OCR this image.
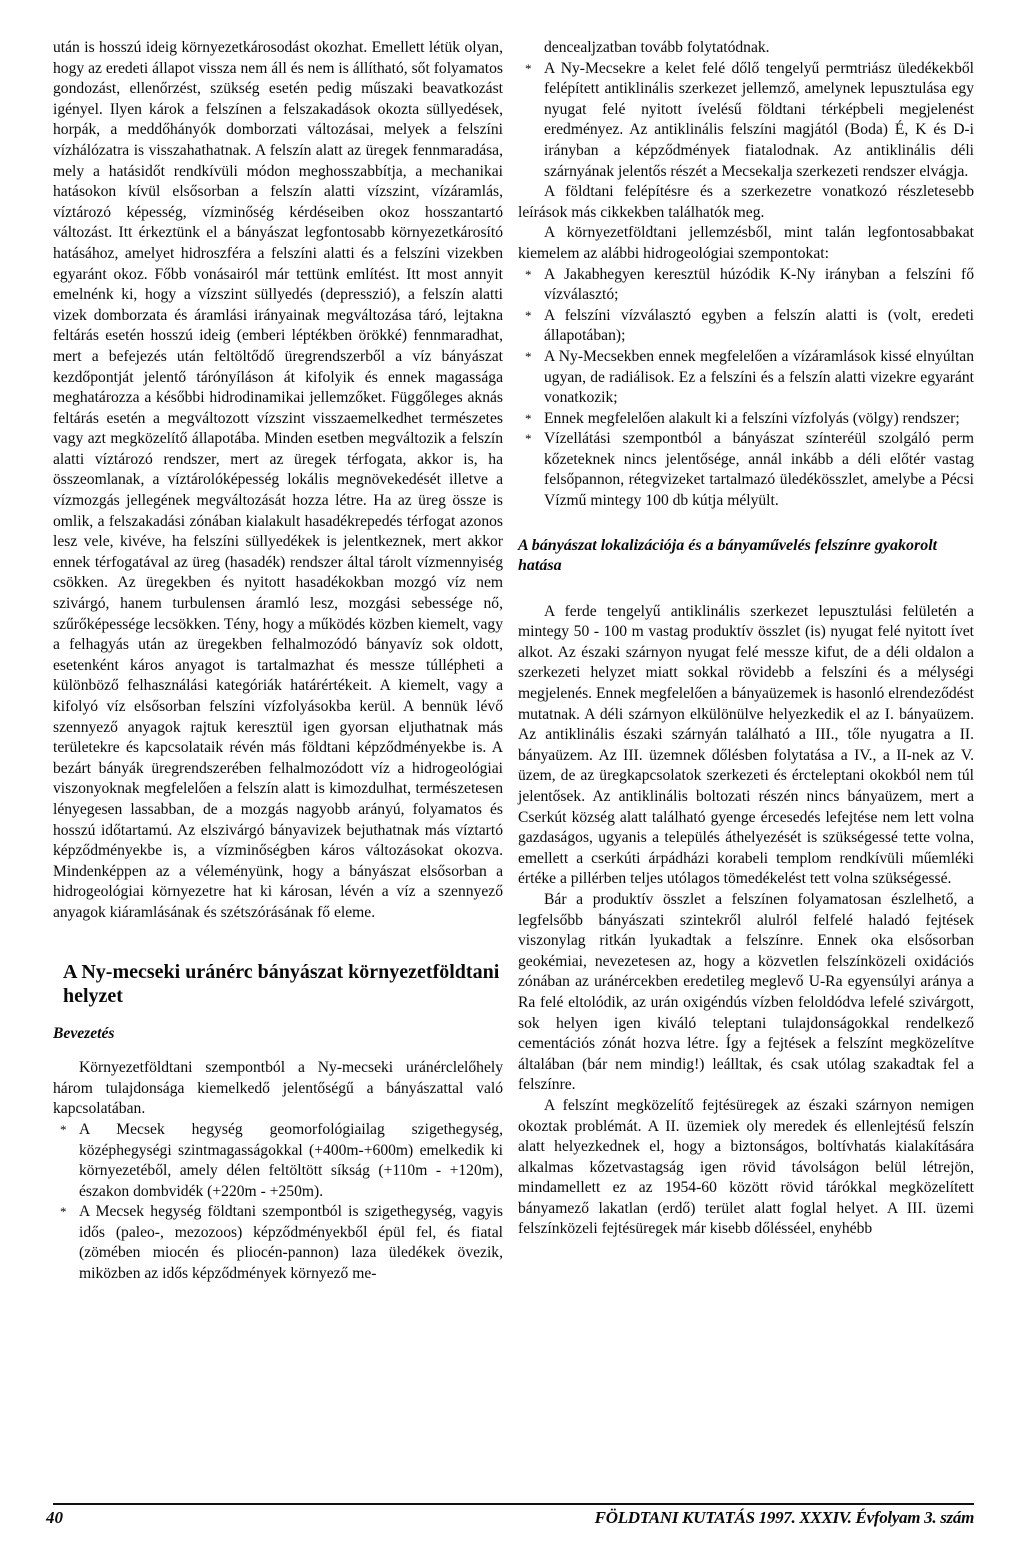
után is hosszú ideig környezetkárosodást okozhat. Emellett létük olyan, hogy az eredeti állapot vissza nem áll és nem is állítható, sőt folyamatos gondozást, ellenőrzést, szükség esetén pedig műszaki beavatkozást igényel. Ilyen károk a felszínen a felszakadások okozta süllyedések, horpák, a meddőhányók domborzati változásai, melyek a felszíni vízhálózatra is visszahathatnak. A felszín alatt az üregek fennmaradása, mely a hatásidőt rendkívüli módon meghosszabbítja, a mechanikai hatásokon kívül elsősorban a felszín alatti vízszint, vízáramlás, víztározó képesség, vízminőség kérdéseiben okoz hosszantartó változást. Itt érkeztünk el a bányászat legfontosabb környezetkárosító hatásához, amelyet hidroszféra a felszíni alatti és a felszíni vizekben egyaránt okoz. Főbb vonásairól már tettünk említést. Itt most annyit emelnénk ki, hogy a vízszint süllyedés (depresszió), a felszín alatti vizek domborzata és áramlási irányainak megváltozása táró, lejtakna feltárás esetén hosszú ideig (emberi léptékben örökké) fennmaradhat, mert a befejezés után feltöltődő üregrendszerből a víz bányászat kezdőpontját jelentő tárónyíláson át kifolyik és ennek magassága meghatározza a későbbi hidrodinamikai jellemzőket. Függőleges aknás feltárás esetén a megváltozott vízszint visszaemelkedhet természetes vagy azt megközelítő állapotába. Minden esetben megváltozik a felszín alatti víztározó rendszer, mert az üregek térfogata, akkor is, ha összeomlanak, a víztárolóképesség lokális megnövekedését illetve a vízmozgás jellegének megváltozását hozza létre. Ha az üreg össze is omlik, a felszakadási zónában kialakult hasadékrepedés térfogat azonos lesz vele, kivéve, ha felszíni süllyedékek is jelentkeznek, mert akkor ennek térfogatával az üreg (hasadék) rendszer által tárolt vízmennyiség csökken. Az üregekben és nyitott hasadékokban mozgó víz nem szivárgó, hanem turbulensen áramló lesz, mozgási sebessége nő, szűrőképessége lecsökken. Tény, hogy a működés közben kiemelt, vagy a felhagyás után az üregekben felhalmozódó bányavíz sok oldott, esetenként káros anyagot is tartalmazhat és messze túllépheti a különböző felhasználási kategóriák határértékeit. A kiemelt, vagy a kifolyó víz elsősorban felszíni vízfolyásokba kerül. A bennük lévő szennyező anyagok rajtuk keresztül igen gyorsan eljuthatnak más területekre és kapcsolataik révén más földtani képződményekbe is. A bezárt bányák üregrendszerében felhalmozódott víz a hidrogeológiai viszonyoknak megfelelően a felszín alatt is kimozdulhat, természetesen lényegesen lassabban, de a mozgás nagyobb arányú, folyamatos és hosszú időtartamú. Az elszivárgó bányavizek bejuthatnak más víztartó képződményekbe is, a vízminőségben káros változásokat okozva. Mindenképpen az a véleményünk, hogy a bányászat elsősorban a hidrogeológiai környezetre hat ki károsan, lévén a víz a szennyező anyagok kiáramlásának és szétszórásának fő eleme.

A Ny-mecseki uránérc bányászat környezetföldtani helyzet
Bevezetés

Környezetföldtani szempontból a Ny-mecseki uránérclelőhely három tulajdonsága kiemelkedő jelentőségű a bányászattal való kapcsolatában.

* A Mecsek hegység geomorfológiailag szigethegység, középhegységi szintmagasságokkal (+400m-+600m) emelkedik ki környezetéből, amely délen feltöltött síkság (+110m - +120m), északon dombvidék (+220m - +250m).

* A Mecsek hegység földtani szempontból is szigethegység, vagyis idős (paleo-, mezozoos) képződményekből épül fel, és fiatal (zömében miocén és pliocén-pannon) laza üledékek övezik, miközben az idős képződmények környező me-

dencealjzatban tovább folytatódnak.

* A Ny-Mecsekre a kelet felé dőlő tengelyű permtriász üledékekből felépített antiklinális szerkezet jellemző, amelynek lepusztulása egy nyugat felé nyitott ívelésű földtani térképbeli megjelenést eredményez. Az antiklinális felszíni magjától (Boda) É, K és D-i irányban a képződmények fiatalodnak. Az antiklinális déli szárnyának jelentős részét a Mecsekalja szerkezeti rendszer elvágja.

A földtani felépítésre és a szerkezetre vonatkozó részletesebb leírások más cikkekben találhatók meg.

A környezetföldtani jellemzésből, mint talán legfontosabbakat kiemelem az alábbi hidrogeológiai szempontokat:

* A Jakabhegyen keresztül húzódik K-Ny irányban a felszíni fő vízválasztó;

* A felszíni vízválasztó egyben a felszín alatti is (volt, eredeti állapotában);

* A Ny-Mecsekben ennek megfelelően a vízáramlások kissé elnyúltan ugyan, de radiálisok. Ez a felszíni és a felszín alatti vizekre egyaránt vonatkozik;

* Ennek megfelelően alakult ki a felszíni vízfolyás (völgy) rendszer;

* Vízellátási szempontból a bányászat színteréül szolgáló perm kőzeteknek nincs jelentősége, annál inkább a déli előtér vastag felsőpannon, rétegvizeket tartalmazó üledékösszlet, amelybe a Pécsi Vízmű mintegy 100 db kútja mélyült.

A bányászat lokalizációja és a bányaművelés felszínre gyakorolt hatása

A ferde tengelyű antiklinális szerkezet lepusztulási felületén a mintegy 50 - 100 m vastag produktív összlet (is) nyugat felé nyitott ívet alkot. Az északi szárnyon nyugat felé messze kifut, de a déli oldalon a szerkezeti helyzet miatt sokkal rövidebb a felszíni és a mélységi megjelenés. Ennek megfelelően a bányaüzemek is hasonló elrendeződést mutatnak. A déli szárnyon elkülönülve helyezkedik el az I. bányaüzem. Az antiklinális északi szárnyán található a III., tőle nyugatra a II. bányaüzem. Az III. üzemnek dőlésben folytatása a IV., a II-nek az V. üzem, de az üregkapcsolatok szerkezeti és ércteleptani okokból nem túl jelentősek. Az antiklinális boltozati részén nincs bányaüzem, mert a Cserkút község alatt található gyenge ércesedés lefejtése nem lett volna gazdaságos, ugyanis a település áthelyezését is szükségessé tette volna, emellett a cserkúti árpádházi korabeli templom rendkívüli műemléki értéke a pillérben teljes utólagos tömedékelést tett volna szükségessé.

Bár a produktív összlet a felszínen folyamatosan észlelhető, a legfelsőbb bányászati szintekről alulról felfelé haladó fejtések viszonylag ritkán lyukadtak a felszínre. Ennek oka elsősorban geokémiai, nevezetesen az, hogy a közvetlen felszínközeli oxidációs zónában az uránércekben eredetileg meglevő U-Ra egyensúlyi aránya a Ra felé eltolódik, az urán oxigéndús vízben feloldódva lefelé szivárgott, sok helyen igen kiváló teleptani tulajdonságokkal rendelkező cementációs zónát hozva létre. Így a fejtések a felszínt megközelítve általában (bár nem mindig!) leálltak, és csak utólag szakadtak fel a felszínre.

A felszínt megközelítő fejtésüregek az északi szárnyon nemigen okoztak problémát. A II. üzemiek oly meredek és ellenlejtésű felszín alatt helyezkednek el, hogy a biztonságos, boltívhatás kialakítására alkalmas kőzetvastagság igen rövid távolságon belül létrejön, mindamellett ez az 1954-60 között rövid tárókkal megközelített bányamező lakatlan (erdő) terület alatt foglal helyet. A III. üzemi felszínközeli fejtésüregek már kisebb dőlésséel, enyhébb

40	FÖLDTANI KUTATÁS 1997. XXXIV. Évfolyam 3. szám
